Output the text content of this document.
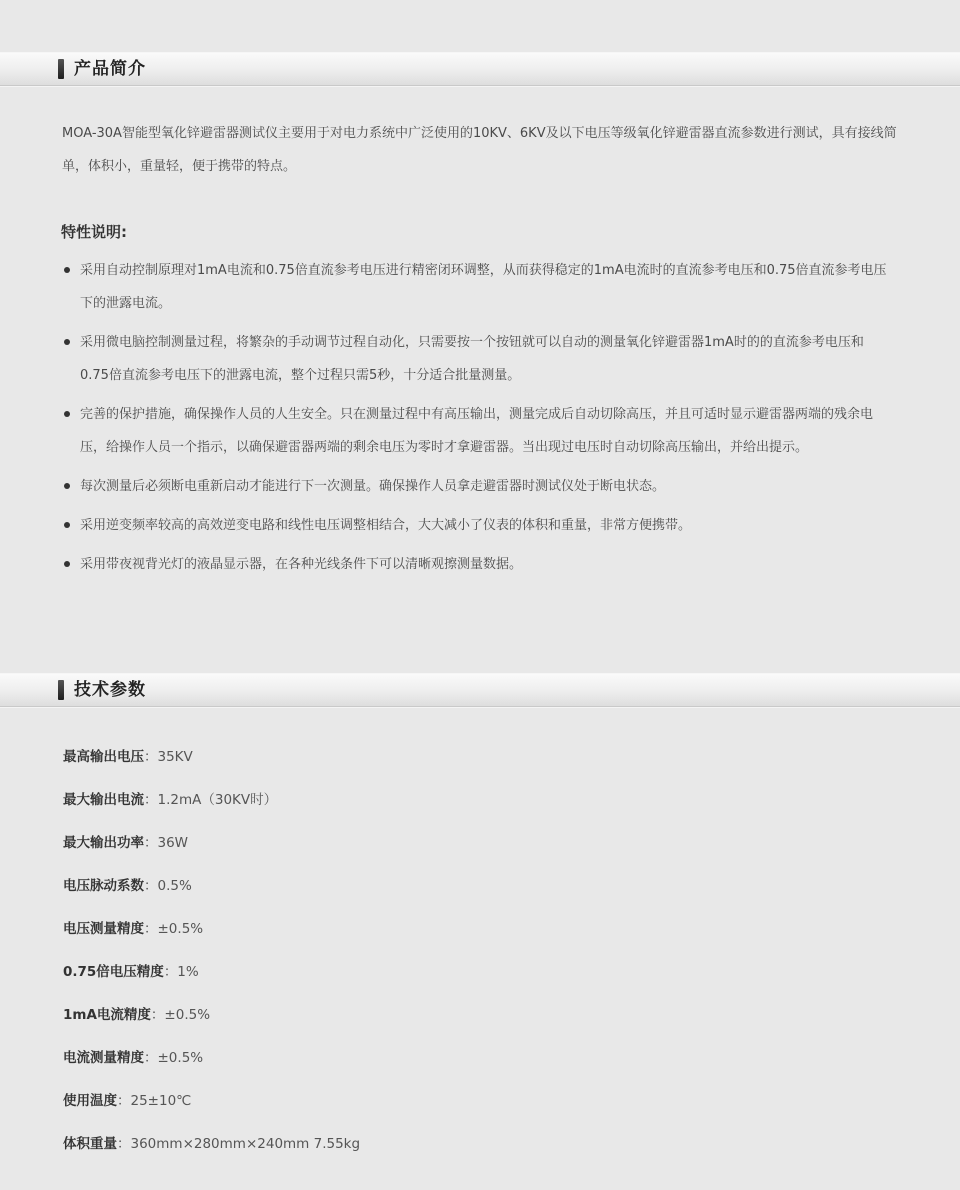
产品简介
MOA-30A智能型氧化锌避雷器测试仪主要用于对电力系统中广泛使用的10KV、6KV及以下电压等级氧化锌避雷器直流参数进行测试，具有接线简单，体积小，重量轻，便于携带的特点。
特性说明:
采用自动控制原理对1mA电流和0.75倍直流参考电压进行精密闭环调整，从而获得稳定的1mA电流时的直流参考电压和0.75倍直流参考电压下的泄露电流。
采用微电脑控制测量过程，将繁杂的手动调节过程自动化，只需要按一个按钮就可以自动的测量氧化锌避雷器1mA时的的直流参考电压和0.75倍直流参考电压下的泄露电流，整个过程只需5秒，十分适合批量测量。
完善的保护措施，确保操作人员的人生安全。只在测量过程中有高压输出，测量完成后自动切除高压，并且可适时显示避雷器两端的残余电压，给操作人员一个指示，以确保避雷器两端的剩余电压为零时才拿避雷器。当出现过电压时自动切除高压输出，并给出提示。
每次测量后必须断电重新启动才能进行下一次测量。确保操作人员拿走避雷器时测试仪处于断电状态。
采用逆变频率较高的高效逆变电路和线性电压调整相结合，大大减小了仪表的体积和重量，非常方便携带。
采用带夜视背光灯的液晶显示器，在各种光线条件下可以清晰观擦测量数据。
技术参数
最高输出电压：35KV
最大输出电流：1.2mA（30KV时）
最大输出功率：36W
电压脉动系数：0.5%
电压测量精度：±0.5%
0.75倍电压精度：1%
1mA电流精度：±0.5%
电流测量精度：±0.5%
使用温度：25±10℃
体积重量：360mm×280mm×240mm 7.55kg
